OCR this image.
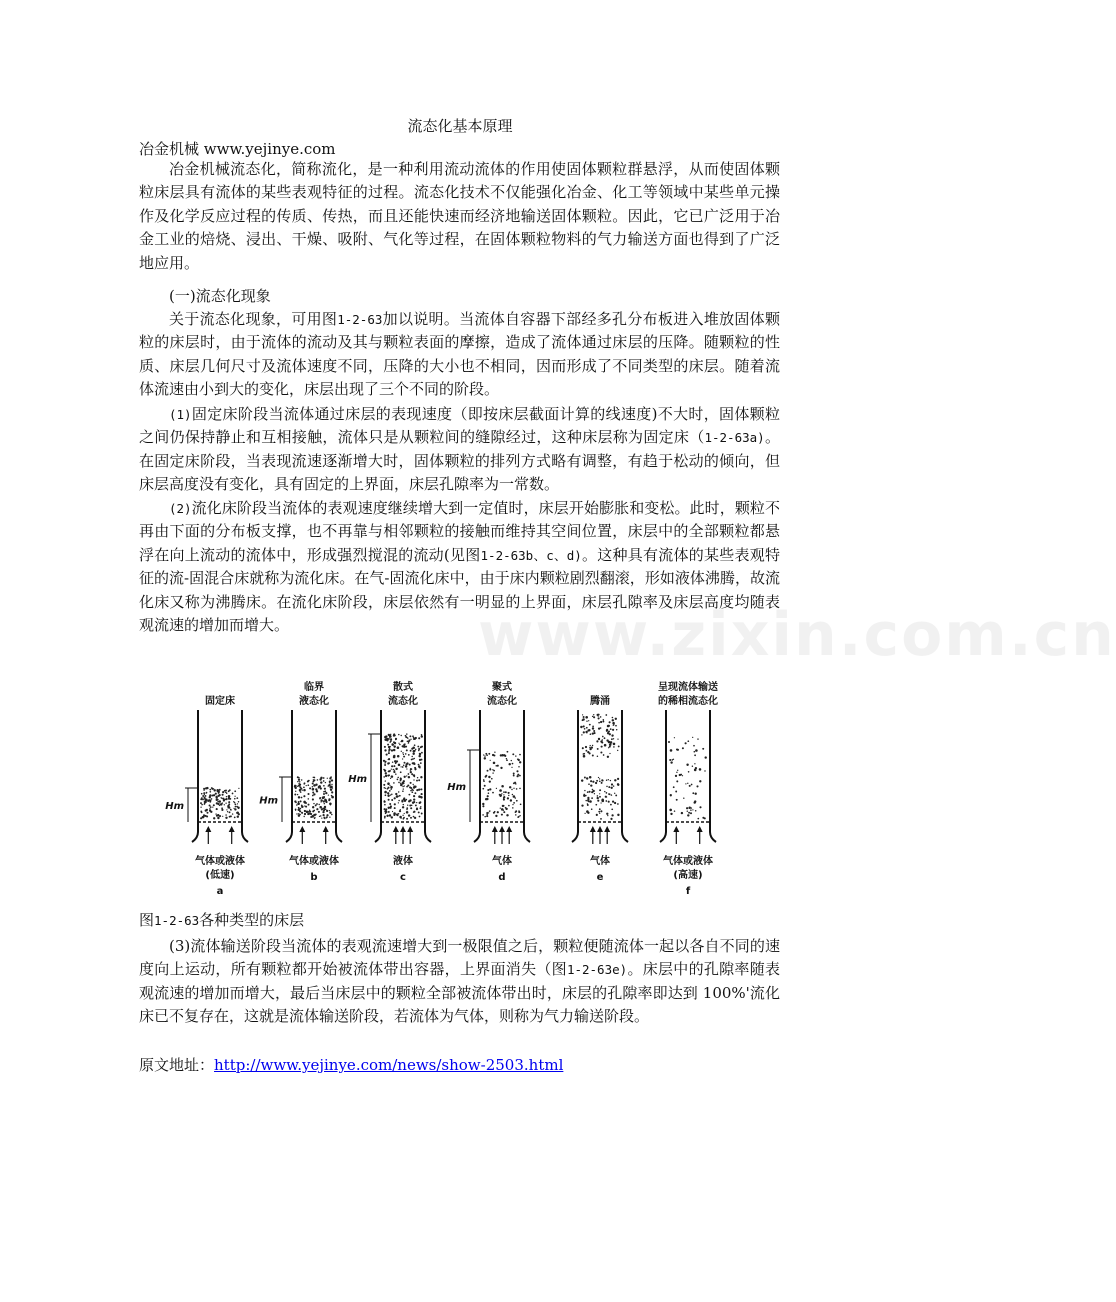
流态化基本原理
冶金机械 www.yejinye.com
www.zixin.com.cn
冶金机械流态化，简称流化，是一种利用流动流体的作用使固体颗粒群悬浮，从而使固体颗粒床层具有流体的某些表观特征的过程。流态化技术不仅能强化冶金、化工等领域中某些单元操作及化学反应过程的传质、传热，而且还能快速而经济地输送固体颗粒。因此，它已广泛用于冶金工业的焙烧、浸出、干燥、吸附、气化等过程，在固体颗粒物料的气力输送方面也得到了广泛地应用。
(一)流态化现象
关于流态化现象，可用图1-2-63加以说明。当流体自容器下部经多孔分布板进入堆放固体颗粒的床层时，由于流体的流动及其与颗粒表面的摩擦，造成了流体通过床层的压降。随颗粒的性质、床层几何尺寸及流体速度不同，压降的大小也不相同，因而形成了不同类型的床层。随着流体流速由小到大的变化，床层出现了三个不同的阶段。
(1)固定床阶段当流体通过床层的表现速度（即按床层截面计算的线速度)不大时，固体颗粒之间仍保持静止和互相接触，流体只是从颗粒间的缝隙经过，这种床层称为固定床（1-2-63a)。在固定床阶段，当表现流速逐渐增大时，固体颗粒的排列方式略有调整，有趋于松动的倾向，但床层高度没有变化，具有固定的上界面，床层孔隙率为一常数。
(2)流化床阶段当流体的表观速度继续增大到一定值时，床层开始膨胀和变松。此时，颗粒不再由下面的分布板支撑，也不再靠与相邻颗粒的接触而维持其空间位置，床层中的全部颗粒都悬浮在向上流动的流体中，形成强烈搅混的流动(见图1-2-63b、c、d)。这种具有流体的某些表观特征的流-固混合床就称为流化床。在气-固流化床中，由于床内颗粒剧烈翻滚，形如液体沸腾，故流化床又称为沸腾床。在流化床阶段，床层依然有一明显的上界面，床层孔隙率及床层高度均随表观流速的增加而增大。
固定床
Hm
气体或液体
(低速)
a
临界
液态化
Hm
气体或液体
b
散式
流态化
Hm
液体
c
聚式
流态化
Hm
气体
d
腾涌
气体
e
呈现流体输送
的稀相流态化
气体或液体
(高速)
f
图1-2-63各种类型的床层
(3)流体输送阶段当流体的表观流速增大到一极限值之后，颗粒便随流体一起以各自不同的速度向上运动，所有颗粒都开始被流体带出容器，上界面消失（图1-2-63e)。床层中的孔隙率随表观流速的增加而增大，最后当床层中的颗粒全部被流体带出时，床层的孔隙率即达到 100%'流化床已不复存在，这就是流体输送阶段，若流体为气体，则称为气力输送阶段。
原文地址：http://www.yejinye.com/news/show-2503.html
